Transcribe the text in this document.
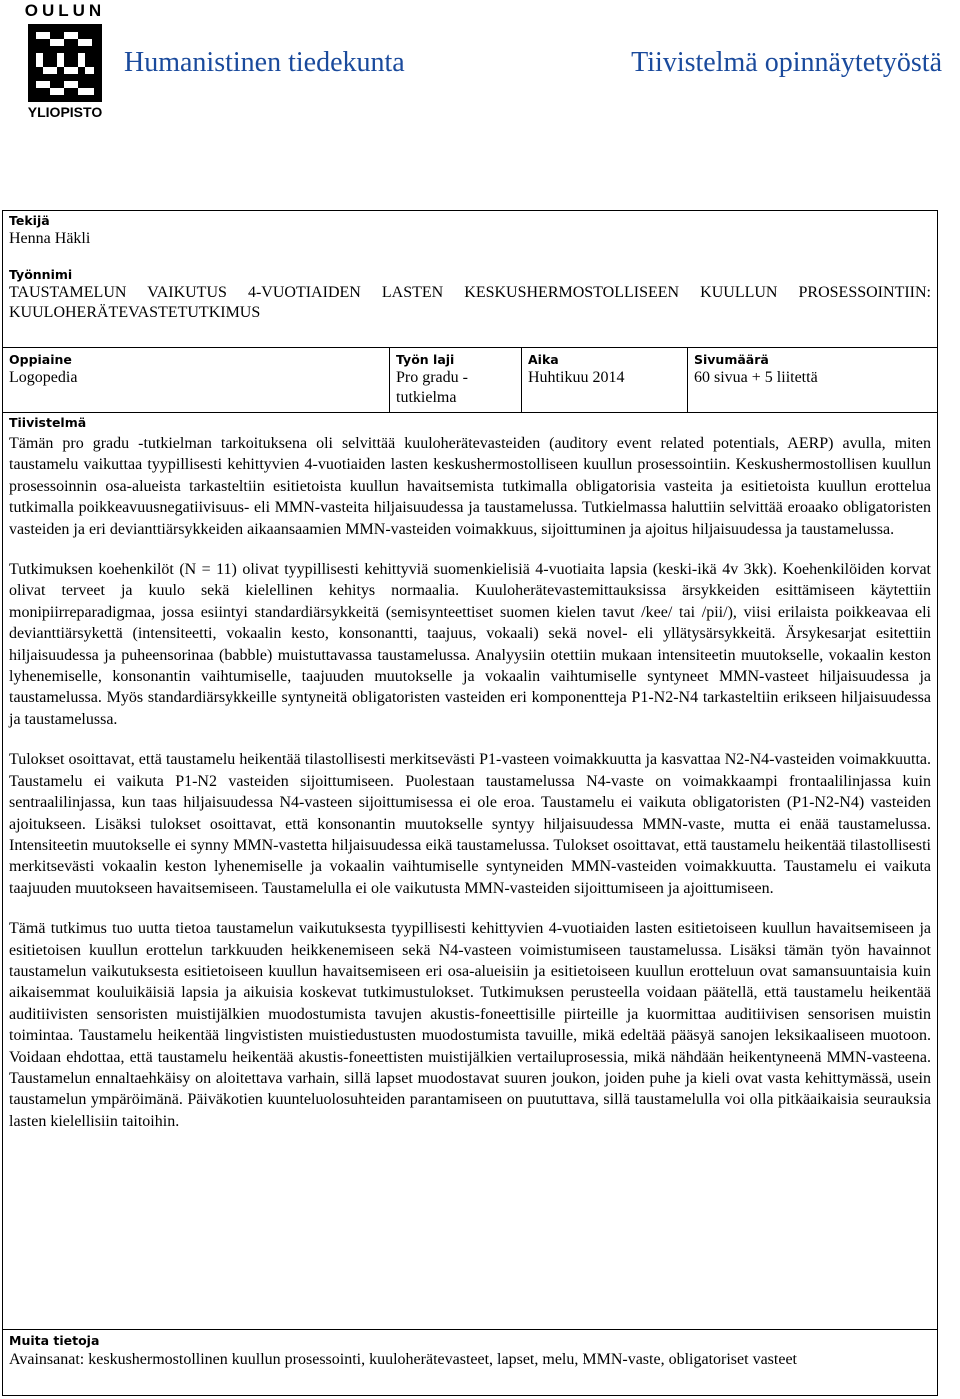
OULUN
YLIOPISTO
Humanistinen tiedekunta	Tiivistelmä opinnäytetyöstä
Tekijä
Henna Häkli
Työnnimi
TAUSTAMELUN VAIKUTUS 4-VUOTIAIDEN LASTEN KESKUSHERMOSTOLLISEEN KUULLUN PROSESSOINTIIN: KUULOHERÄTEVASTETUTKIMUS
Oppiaine
Logopedia
Työn laji
Pro gradu -tutkielma
Aika
Huhtikuu 2014
Sivumäärä
60 sivua + 5 liitettä
Tiivistelmä

Tämän pro gradu -tutkielman tarkoituksena oli selvittää kuuloherätevasteiden (auditory event related potentials, AERP) avulla, miten taustamelu vaikuttaa tyypillisesti kehittyvien 4-vuotiaiden lasten keskushermostolliseen kuullun prosessointiin. Keskushermostollisen kuullun prosessoinnin osa-alueista tarkasteltiin esitietoista kuullun havaitsemista tutkimalla obligatorisia vasteita ja esitietoista kuullun erottelua tutkimalla poikkeavuusnegatiivisuus- eli MMN-vasteita hiljaisuudessa ja taustamelussa. Tutkielmassa haluttiin selvittää eroaako obligatoristen vasteiden ja eri devianttiärsykkeiden aikaansaamien MMN-vasteiden voimakkuus, sijoittuminen ja ajoitus hiljaisuudessa ja taustamelussa.

Tutkimuksen koehenkilöt (N = 11) olivat tyypillisesti kehittyviä suomenkielisiä 4-vuotiaita lapsia (keski-ikä 4v 3kk). Koehenkilöiden korvat olivat terveet ja kuulo sekä kielellinen kehitys normaalia. Kuuloherätevastemittauksissa ärsykkeiden esittämiseen käytettiin monipiirreparadigmaa, jossa esiintyi standardiärsykkeitä (semisynteettiset suomen kielen tavut /kee/ tai /pii/), viisi erilaista poikkeavaa eli devianttiärsykettä (intensiteetti, vokaalin kesto, konsonantti, taajuus, vokaali) sekä novel- eli yllätysärsykkeitä. Ärsykesarjat esitettiin hiljaisuudessa ja puheensorinaa (babble) muistuttavassa taustamelussa. Analyysiin otettiin mukaan intensiteetin muutokselle, vokaalin keston lyhenemiselle, konsonantin vaihtumiselle, taajuuden muutokselle ja vokaalin vaihtumiselle syntyneet MMN-vasteet hiljaisuudessa ja taustamelussa. Myös standardiärsykkeille syntyneitä obligatoristen vasteiden eri komponentteja P1-N2-N4 tarkasteltiin erikseen hiljaisuudessa ja taustamelussa.

Tulokset osoittavat, että taustamelu heikentää tilastollisesti merkitsevästi P1-vasteen voimakkuutta ja kasvattaa N2-N4-vasteiden voimakkuutta. Taustamelu ei vaikuta P1-N2 vasteiden sijoittumiseen. Puolestaan taustamelussa N4-vaste on voimakkaampi frontaalilinjassa kuin sentraalilinjassa, kun taas hiljaisuudessa N4-vasteen sijoittumisessa ei ole eroa. Taustamelu ei vaikuta obligatoristen (P1-N2-N4) vasteiden ajoitukseen. Lisäksi tulokset osoittavat, että konsonantin muutokselle syntyy hiljaisuudessa MMN-vaste, mutta ei enää taustamelussa. Intensiteetin muutokselle ei synny MMN-vastetta hiljaisuudessa eikä taustamelussa. Tulokset osoittavat, että taustamelu heikentää tilastollisesti merkitsevästi vokaalin keston lyhenemiselle ja vokaalin vaihtumiselle syntyneiden MMN-vasteiden voimakkuutta. Taustamelu ei vaikuta taajuuden muutokseen havaitsemiseen. Taustamelulla ei ole vaikutusta MMN-vasteiden sijoittumiseen ja ajoittumiseen.

Tämä tutkimus tuo uutta tietoa taustamelun vaikutuksesta tyypillisesti kehittyvien 4-vuotiaiden lasten esitietoiseen kuullun havaitsemiseen ja esitietoisen kuullun erottelun tarkkuuden heikkenemiseen sekä N4-vasteen voimistumiseen taustamelussa. Lisäksi tämän työn havainnot taustamelun vaikutuksesta esitietoiseen kuullun havaitsemiseen eri osa-alueisiin ja esitietoiseen kuullun erotteluun ovat samansuuntaisia kuin aikaisemmat kouluikäisiä lapsia ja aikuisia koskevat tutkimustulokset. Tutkimuksen perusteella voidaan päätellä, että taustamelu heikentää auditiivisten sensoristen muistijälkien muodostumista tavujen akustis-foneettisille piirteille ja kuormittaa auditiivisen sensorisen muistin toimintaa. Taustamelu heikentää lingvististen muistiedustusten muodostumista tavuille, mikä edeltää pääsyä sanojen leksikaaliseen muotoon. Voidaan ehdottaa, että taustamelu heikentää akustis-foneettisten muistijälkien vertailuprosessia, mikä nähdään heikentyneenä MMN-vasteena. Taustamelun ennaltaehkäisy on aloitettava varhain, sillä lapset muodostavat suuren joukon, joiden puhe ja kieli ovat vasta kehittymässä, usein taustamelun ympäröimänä. Päiväkotien kuunteluolosuhteiden parantamiseen on puututtava, sillä taustamelulla voi olla pitkäaikaisia seurauksia lasten kielellisiin taitoihin.

Muita tietoja

Avainsanat: keskushermostollinen kuullun prosessointi, kuuloherätevasteet, lapset, melu, MMN-vaste, obligatoriset vasteet
